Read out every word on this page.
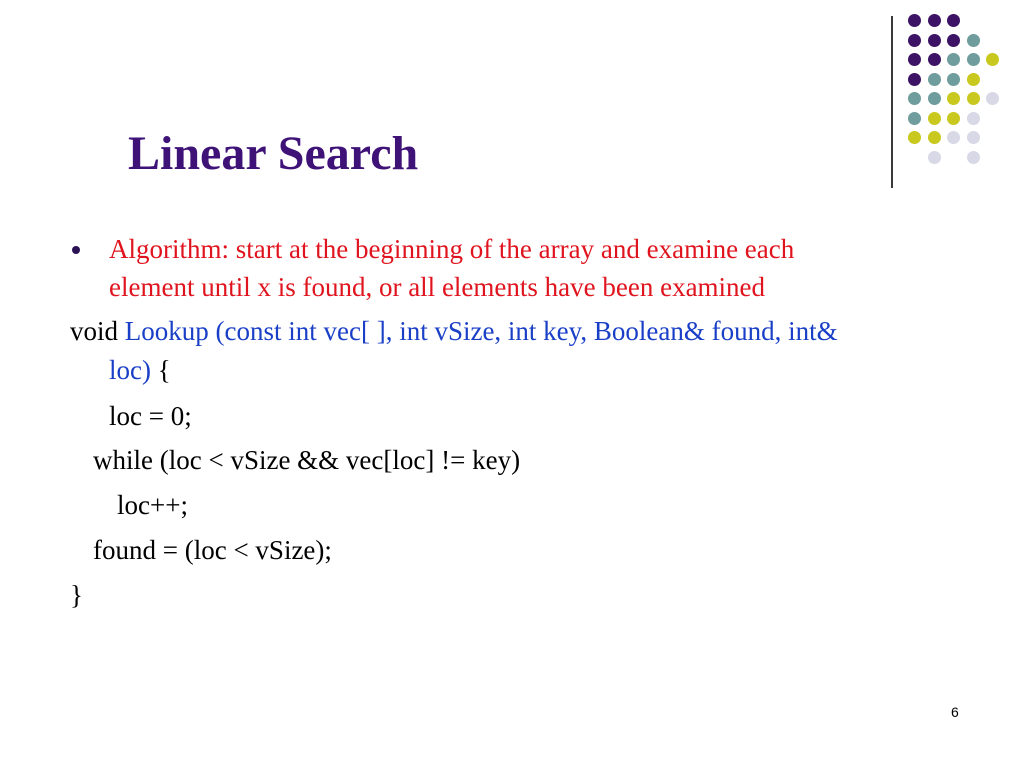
Linear Search
Algorithm: start at the beginning of the array and examine each
element until x is found, or all elements have been examined
void Lookup (const int vec[ ], int vSize, int key, Boolean& found, int&
loc) {
loc = 0;
while (loc < vSize && vec[loc] != key)
loc++;
found = (loc < vSize);
}
6
